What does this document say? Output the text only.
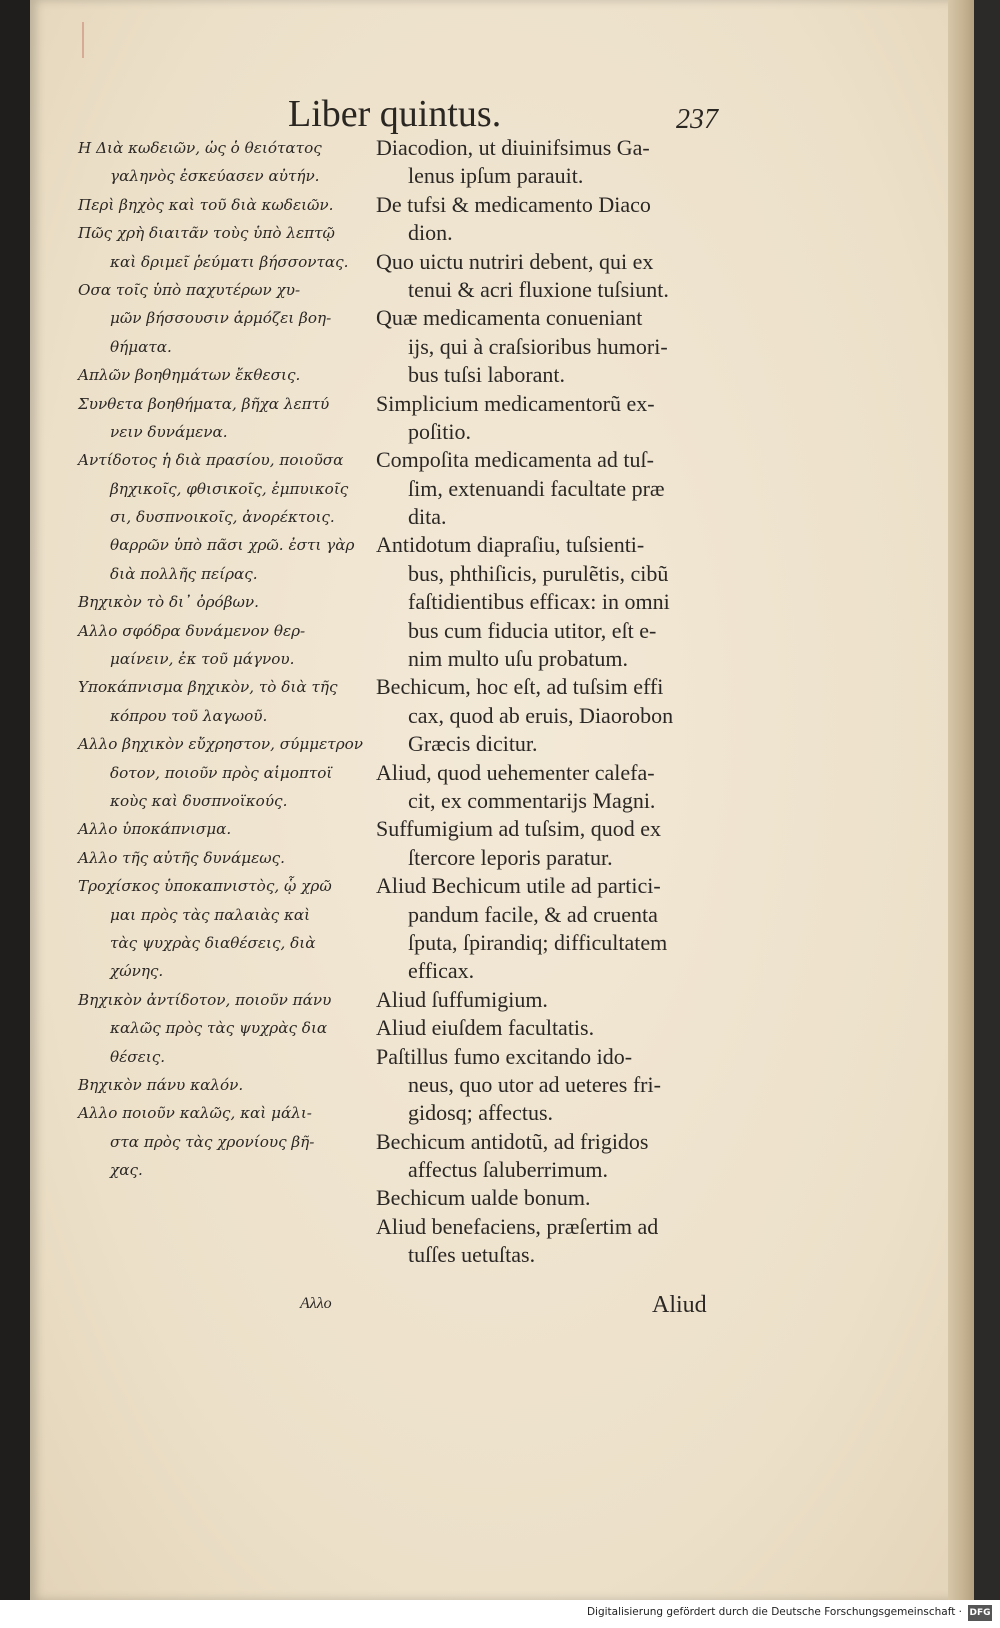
Liber quintus.	237
Η Διὰ κωδειῶν, ὡς ὁ θειότατος
γαληνὸς ἐσκεύασεν αὐτήν.
Περὶ βηχὸς καὶ τοῦ διὰ κωδειῶν.
Πῶς χρὴ διαιτᾶν τοὺς ὑπὸ λεπτῷ
καὶ δριμεῖ ῥεύματι βήσσοντας.
Οσα τοῖς ὑπὸ παχυτέρων χυ-
μῶν βήσσουσιν ἁρμόζει βοη-
θήματα.
Απλῶν βοηθημάτων ἔκθεσις.
Συνθετα βοηθήματα, βῆχα λεπτύ
νειν δυνάμενα.
Αντίδοτος ἡ διὰ πρασίου, ποιοῦσα
βηχικοῖς, φθισικοῖς, ἐμπυικοῖς
σι, δυσπνοικοῖς, ἀνορέκτοις.
θαρρῶν ὑπὸ πᾶσι χρῶ. ἐστι γὰρ
διὰ πολλῆς πείρας.
Βηχικὸν τὸ δι᾽ ὀρόβων.
Αλλο σφόδρα δυνάμενον θερ-
μαίνειν, ἐκ τοῦ μάγνου.
Υποκάπνισμα βηχικὸν, τὸ διὰ τῆς
κόπρου τοῦ λαγωοῦ.
Αλλο βηχικὸν εὔχρηστον, σύμμετρον
δοτον, ποιοῦν πρὸς αἱμοπτοϊ
κοὺς καὶ δυσπνοϊκούς.
Αλλο ὑποκάπνισμα.
Αλλο τῆς αὐτῆς δυνάμεως.
Τροχίσκος ὑποκαπνιστὸς, ᾧ χρῶ
μαι πρὸς τὰς παλαιὰς καὶ
τὰς ψυχρὰς διαθέσεις, διὰ
χώνης.
Βηχικὸν ἀντίδοτον, ποιοῦν πάνυ
καλῶς πρὸς τὰς ψυχρὰς δια
θέσεις.
Βηχικὸν πάνυ καλόν.
Αλλο ποιοῦν καλῶς, καὶ μάλι-
στα πρὸς τὰς χρονίους βῆ-
χας.
Diacodion, ut diuinifsimus Ga-
lenus ipſum parauit.
De tufsi & medicamento Diaco
dion.
Quo uictu nutriri debent, qui ex
tenui & acri fluxione tuſsiunt.
Quæ medicamenta conueniant
ijs, qui à craſsioribus humori-
bus tuſsi laborant.
Simplicium medicamentorũ ex-
poſitio.
Compoſita medicamenta ad tuſ-
ſim, extenuandi facultate præ
dita.
Antidotum diapraſiu, tuſsienti-
bus, phthiſicis, purulẽtis, cibũ
faſtidientibus efficax: in omni
bus cum fiducia utitor, eſt e-
nim multo uſu probatum.
Bechicum, hoc eſt, ad tuſsim effi
cax, quod ab eruis, Diaorobon
Græcis dicitur.
Aliud, quod uehementer calefa-
cit, ex commentarijs Magni.
Suffumigium ad tuſsim, quod ex
ſtercore leporis paratur.
Aliud Bechicum utile ad partici-
pandum facile, & ad cruenta
ſputa, ſpirandiq; difficultatem
efficax.
Aliud ſuffumigium.
Aliud eiuſdem facultatis.
Paſtillus fumo excitando ido-
neus, quo utor ad ueteres fri-
gidosq; affectus.
Bechicum antidotũ, ad frigidos
affectus ſaluberrimum.
Bechicum ualde bonum.
Aliud benefaciens, præſertim ad
tuſſes uetuſtas.
Αλλο	Aliud
Digitalisierung gefördert durch die Deutsche Forschungsgemeinschaft · DFG
